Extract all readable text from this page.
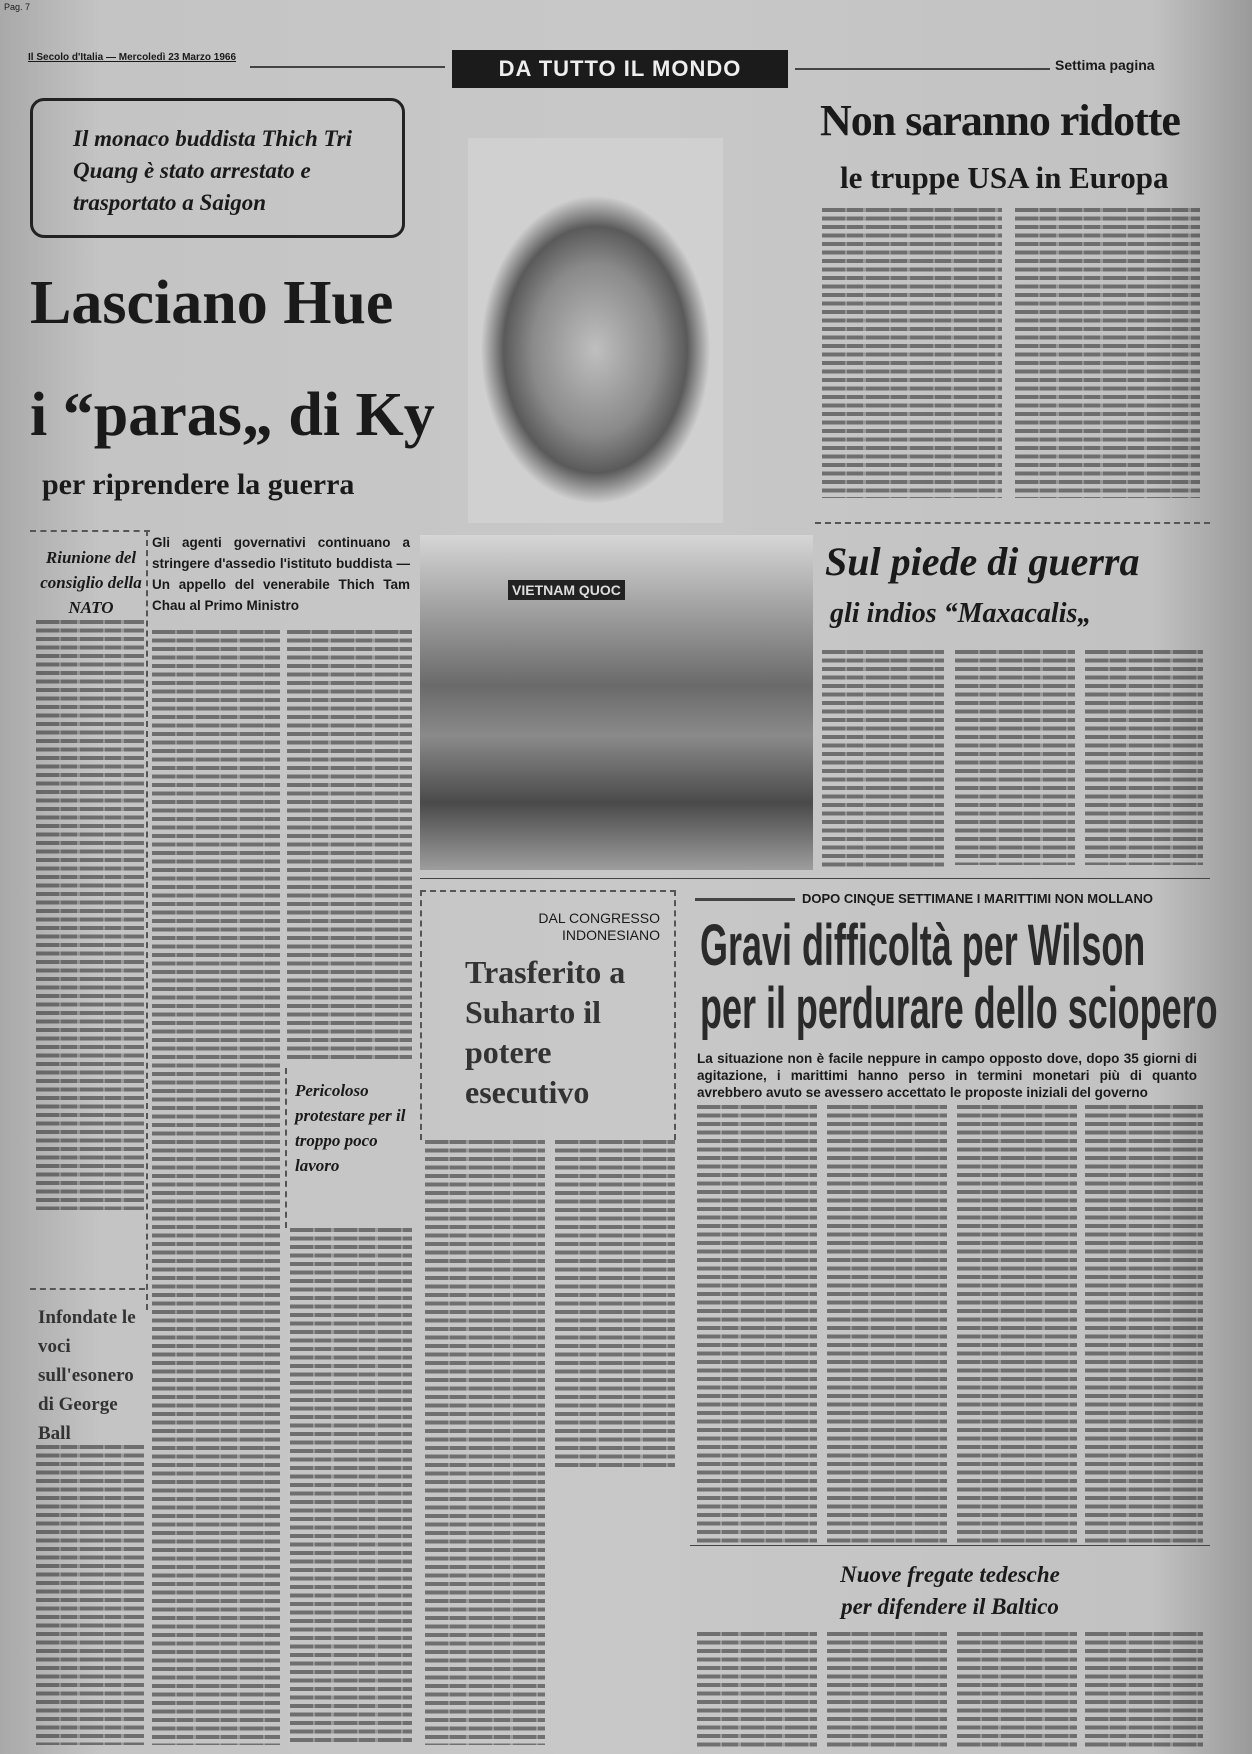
Pag. 7
Il Secolo d'Italia — Mercoledì 23 Marzo 1966	DA TUTTO IL MONDO	Settima pagina
Il monaco buddista Thich Tri Quang è stato arrestato e trasportato a Saigon
Lasciano Hue
i “paras„ di Ky
per riprendere la guerra
Non saranno ridotte
le truppe USA in Europa
Riunione del consiglio della NATO
Gli agenti governativi continuano a stringere d'assedio l'istituto buddista — Un appello del venerabile Thich Tam Chau al Primo Ministro
VIETNAM QUOC
Sul piede di guerra
gli indios “Maxacalis„
DAL CONGRESSO INDONESIANO
Trasferito a Suharto il potere esecutivo
DOPO CINQUE SETTIMANE I MARITTIMI NON MOLLANO
Gravi difficoltà per Wilson
per il perdurare dello sciopero
La situazione non è facile neppure in campo opposto dove, dopo 35 giorni di agitazione, i marittimi hanno perso in termini monetari più di quanto avrebbero avuto se avessero accettato le proposte iniziali del governo
Pericoloso protestare per il troppo poco lavoro
Infondate le voci sull'esonero di George Ball
Nuove fregate tedesche
per difendere il Baltico
